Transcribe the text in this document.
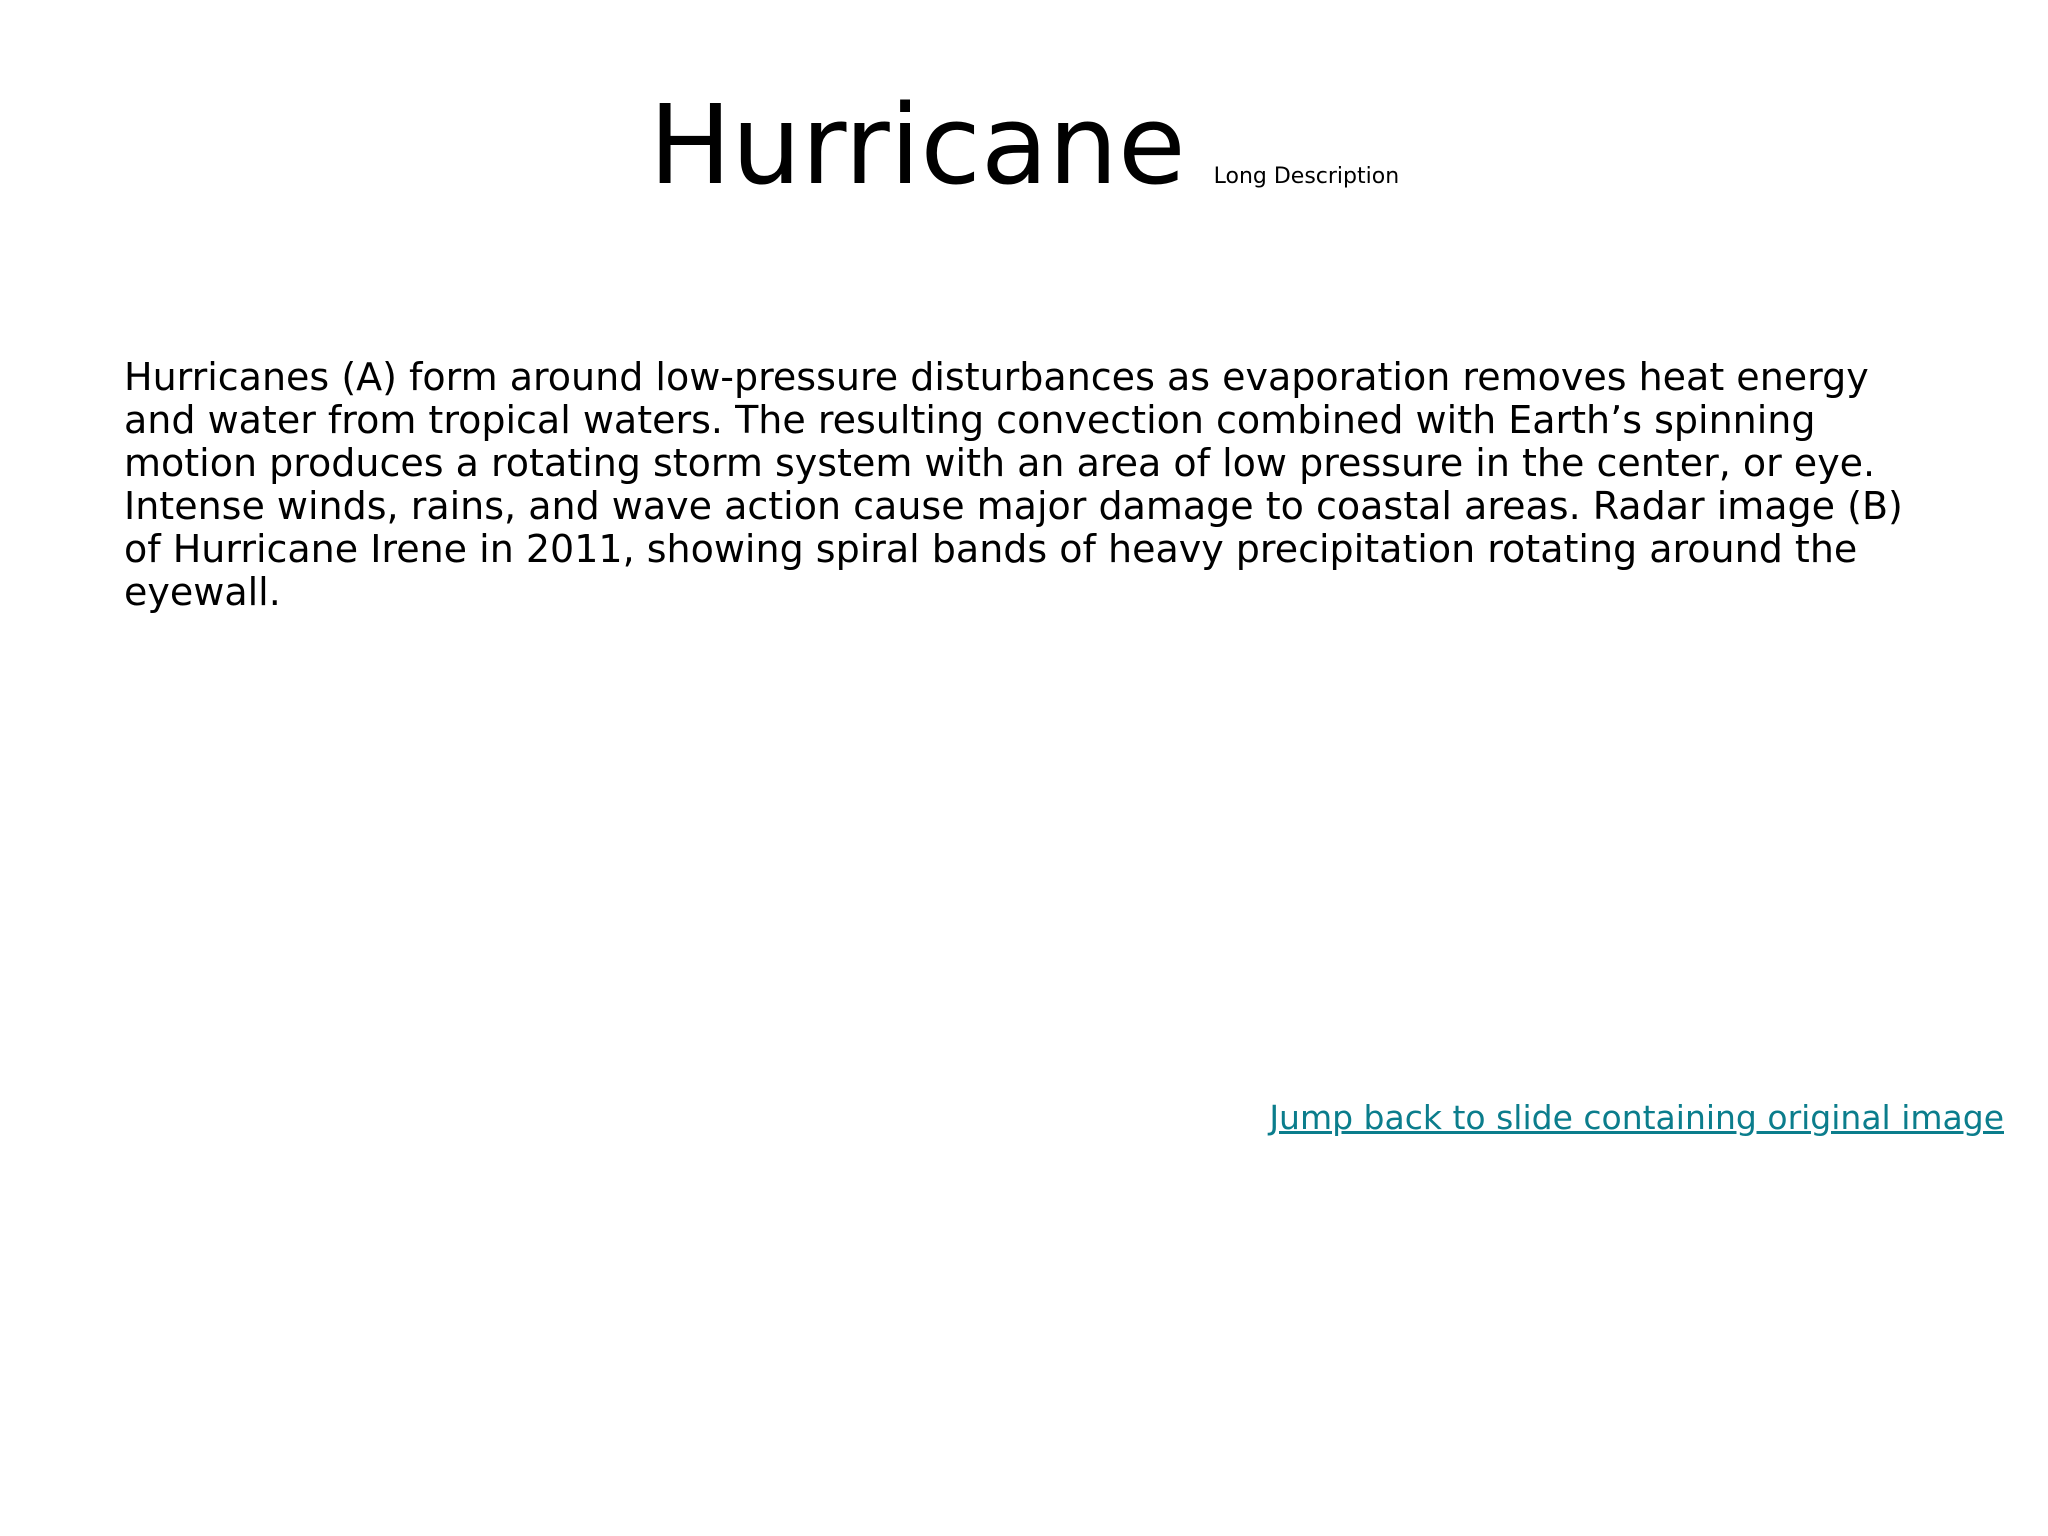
Hurricane Long Description

Hurricanes (A) form around low-pressure disturbances as evaporation removes heat energy and water from tropical waters. The resulting convection combined with Earth’s spinning motion produces a rotating storm system with an area of low pressure in the center, or eye. Intense winds, rains, and wave action cause major damage to coastal areas. Radar image (B) of Hurricane Irene in 2011, showing spiral bands of heavy precipitation rotating around the eyewall.

Jump back to slide containing original image
